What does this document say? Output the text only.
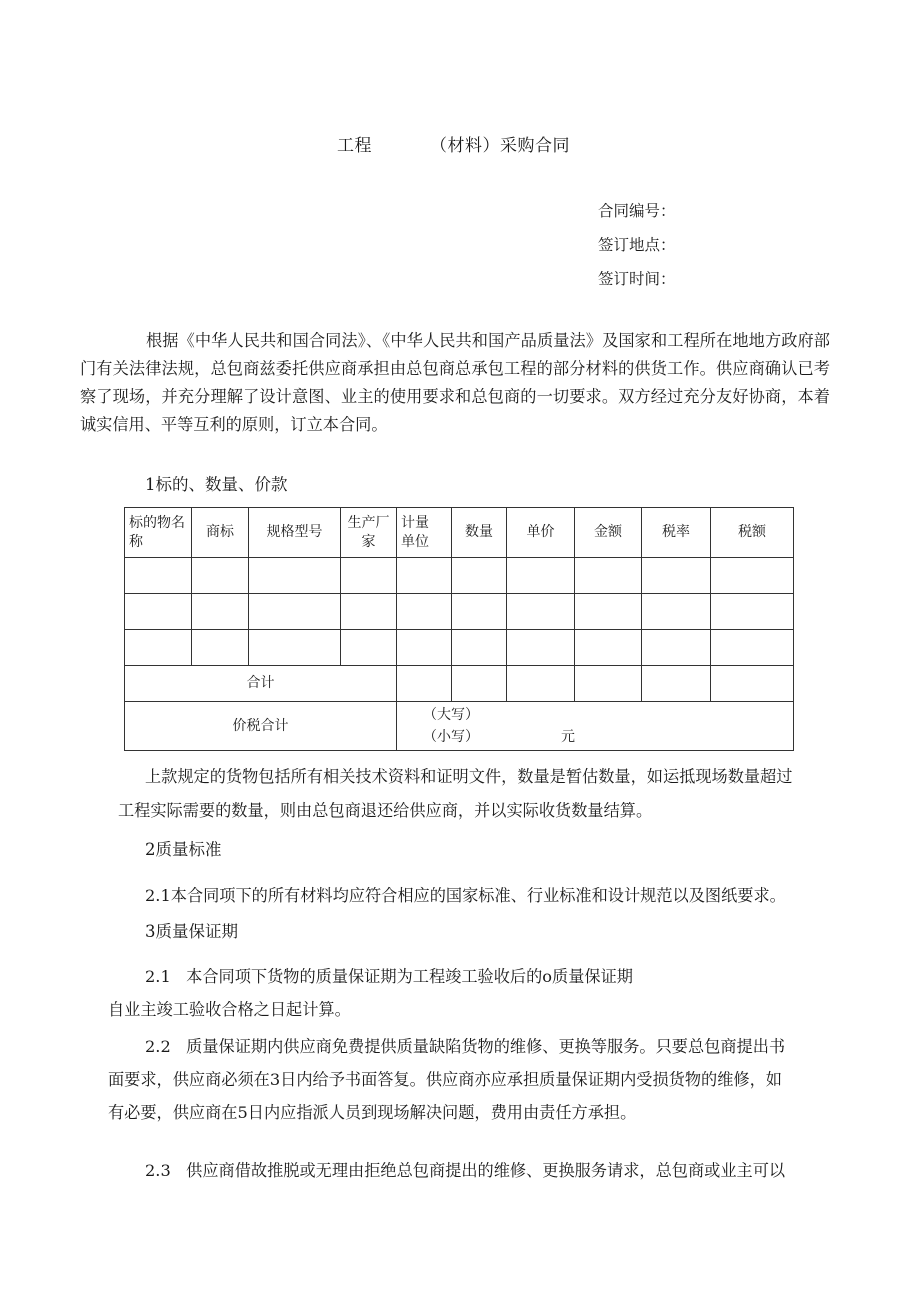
工程	（材料）采购合同
合同编号：
签订地点：
签订时间：
根据《中华人民共和国合同法》、《中华人民共和国产品质量法》及国家和工程所在地地方政府部门有关法律法规，总包商兹委托供应商承担由总包商总承包工程的部分材料的供货工作。供应商确认已考察了现场，并充分理解了设计意图、业主的使用要求和总包商的一切要求。双方经过充分友好协商，本着诚实信用、平等互利的原则，订立本合同。
1标的、数量、价款
标的物名称	商标	规格型号	生产厂家	计量单位	数量	单价	金额	税率	税额

合计									
价税合计				（大写）
（小写） 元					
上款规定的货物包括所有相关技术资料和证明文件，数量是暂估数量，如运抵现场数量超过
工程实际需要的数量，则由总包商退还给供应商，并以实际收货数量结算。
2质量标准
2.1本合同项下的所有材料均应符合相应的国家标准、行业标准和设计规范以及图纸要求。
3质量保证期
2.1   本合同项下货物的质量保证期为工程竣工验收后的o质量保证期
自业主竣工验收合格之日起计算。
2.2   质量保证期内供应商免费提供质量缺陷货物的维修、更换等服务。只要总包商提出书
面要求，供应商必须在3日内给予书面答复。供应商亦应承担质量保证期内受损货物的维修，如
有必要，供应商在5日内应指派人员到现场解决问题，费用由责任方承担。
2.3   供应商借故推脱或无理由拒绝总包商提出的维修、更换服务请求，总包商或业主可以
